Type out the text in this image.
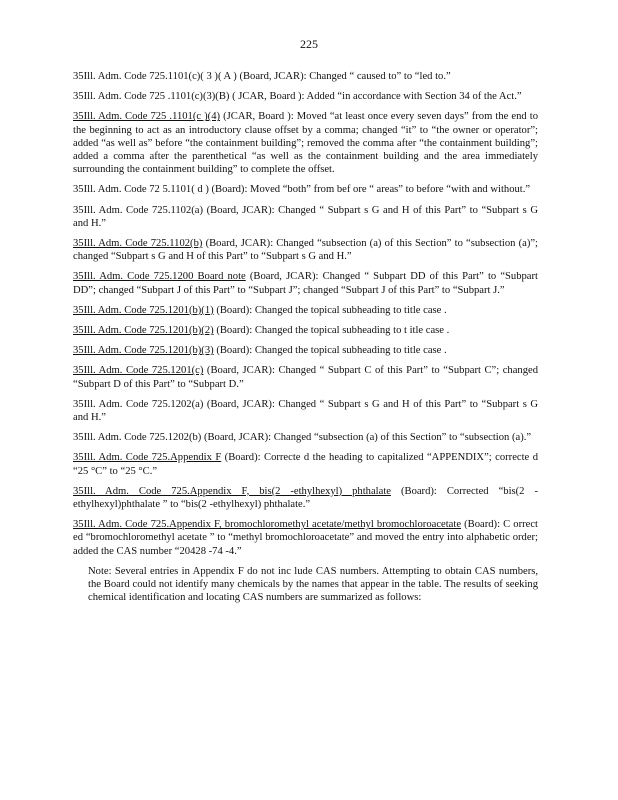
225

35Ill. Adm. Code 725.1101(c)( 3 )( A ) (Board, JCAR): Changed “ caused to” to “led to.”

35Ill. Adm. Code 725 .1101(c)(3)(B) ( JCAR, Board ): Added “in accordance with Section 34 of the Act.”

35Ill. Adm. Code 725 .1101(c )(4) (JCAR, Board ): Moved “at least once every seven days” from the end to the beginning to act as an introductory clause offset by a comma; changed “it” to “the owner or operator”; added “as well as” before “the containment building”; removed the comma after “the containment building”; added a comma after the parenthetical “as well as the containment building and the area immediately surrounding the containment building” to complete the offset.

35Ill. Adm. Code 72 5.1101( d ) (Board): Moved “both” from bef ore “ areas” to before “with and without.”

35Ill. Adm. Code 725.1102(a) (Board, JCAR): Changed “ Subpart s G and H of this Part” to “Subpart s G and H.”

35Ill. Adm. Code 725.1102(b) (Board, JCAR): Changed “subsection (a) of this Section” to “subsection (a)”; changed “Subpart s G and H of this Part” to “Subpart s G and H.”

35Ill. Adm. Code 725.1200 Board note (Board, JCAR): Changed “ Subpart DD of this Part” to “Subpart DD”; changed “Subpart J of this Part” to “Subpart J”; changed “Subpart J of this Part” to “Subpart J.”

35Ill. Adm. Code 725.1201(b)(1) (Board): Changed the topical subheading to title case .

35Ill. Adm. Code 725.1201(b)(2) (Board): Changed the topical subheading to t itle case .

35Ill. Adm. Code 725.1201(b)(3) (Board): Changed the topical subheading to title case .

35Ill. Adm. Code 725.1201(c) (Board, JCAR): Changed “ Subpart C of this Part” to “Subpart C”; changed “Subpart D of this Part” to “Subpart D.”

35Ill. Adm. Code 725.1202(a) (Board, JCAR): Changed “ Subpart s G and H of this Part” to “Subpart s G and H.”

35Ill. Adm. Code 725.1202(b) (Board, JCAR): Changed “subsection (a) of this Section” to “subsection (a).”

35Ill. Adm. Code 725.Appendix F (Board): Correcte d the heading to capitalized “APPENDIX”; correcte d “25 °C” to “25 °C.”

35Ill. Adm. Code 725.Appendix F, bis(2 -ethylhexyl) phthalate (Board): Corrected “bis(2 -ethylhexyl)phthalate ” to “bis(2 -ethylhexyl) phthalate.”

35Ill. Adm. Code 725.Appendix F, bromochloromethyl acetate/methyl bromochloroacetate (Board): C orrect ed “bromochloromethyl acetate ” to “methyl bromochloroacetate” and moved the entry into alphabetic order; added the CAS number “20428 -74 -4.”

Note: Several entries in Appendix F do not inc lude CAS numbers. Attempting to obtain CAS numbers, the Board could not identify many chemicals by the names that appear in the table. The results of seeking chemical identification and locating CAS numbers are summarized as follows:
